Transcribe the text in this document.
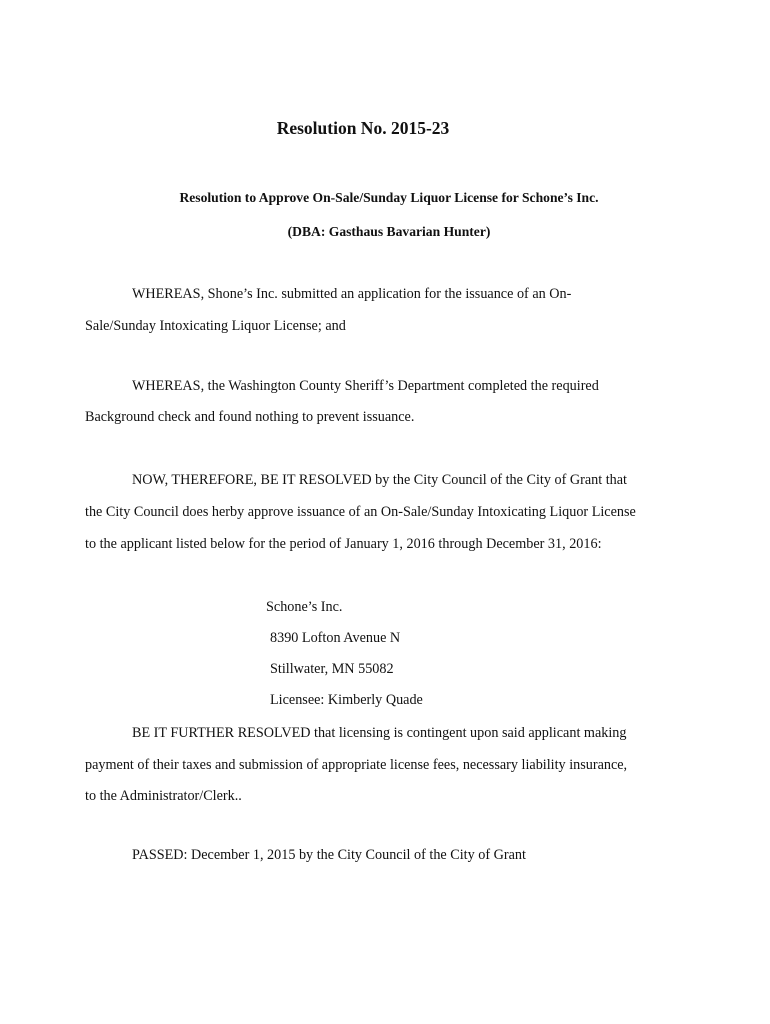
Resolution No. 2015-23
Resolution to Approve On-Sale/Sunday Liquor License for Schone’s Inc.
(DBA: Gasthaus Bavarian Hunter)
WHEREAS, Shone’s Inc. submitted an application for the issuance of an On-
Sale/Sunday Intoxicating Liquor License; and
WHEREAS, the Washington County Sheriff’s Department completed the required
Background check and found nothing to prevent issuance.
NOW, THEREFORE, BE IT RESOLVED by the City Council of the City of Grant that
the City Council does herby approve issuance of an On-Sale/Sunday Intoxicating Liquor License
to the applicant listed below for the period of January 1, 2016 through December 31, 2016:
Schone’s Inc.
8390 Lofton Avenue N
Stillwater, MN 55082
Licensee: Kimberly Quade
BE IT FURTHER RESOLVED that licensing is contingent upon said applicant making
payment of their taxes and submission of appropriate license fees, necessary liability insurance,
to the Administrator/Clerk..
PASSED: December 1, 2015 by the City Council of the City of Grant
